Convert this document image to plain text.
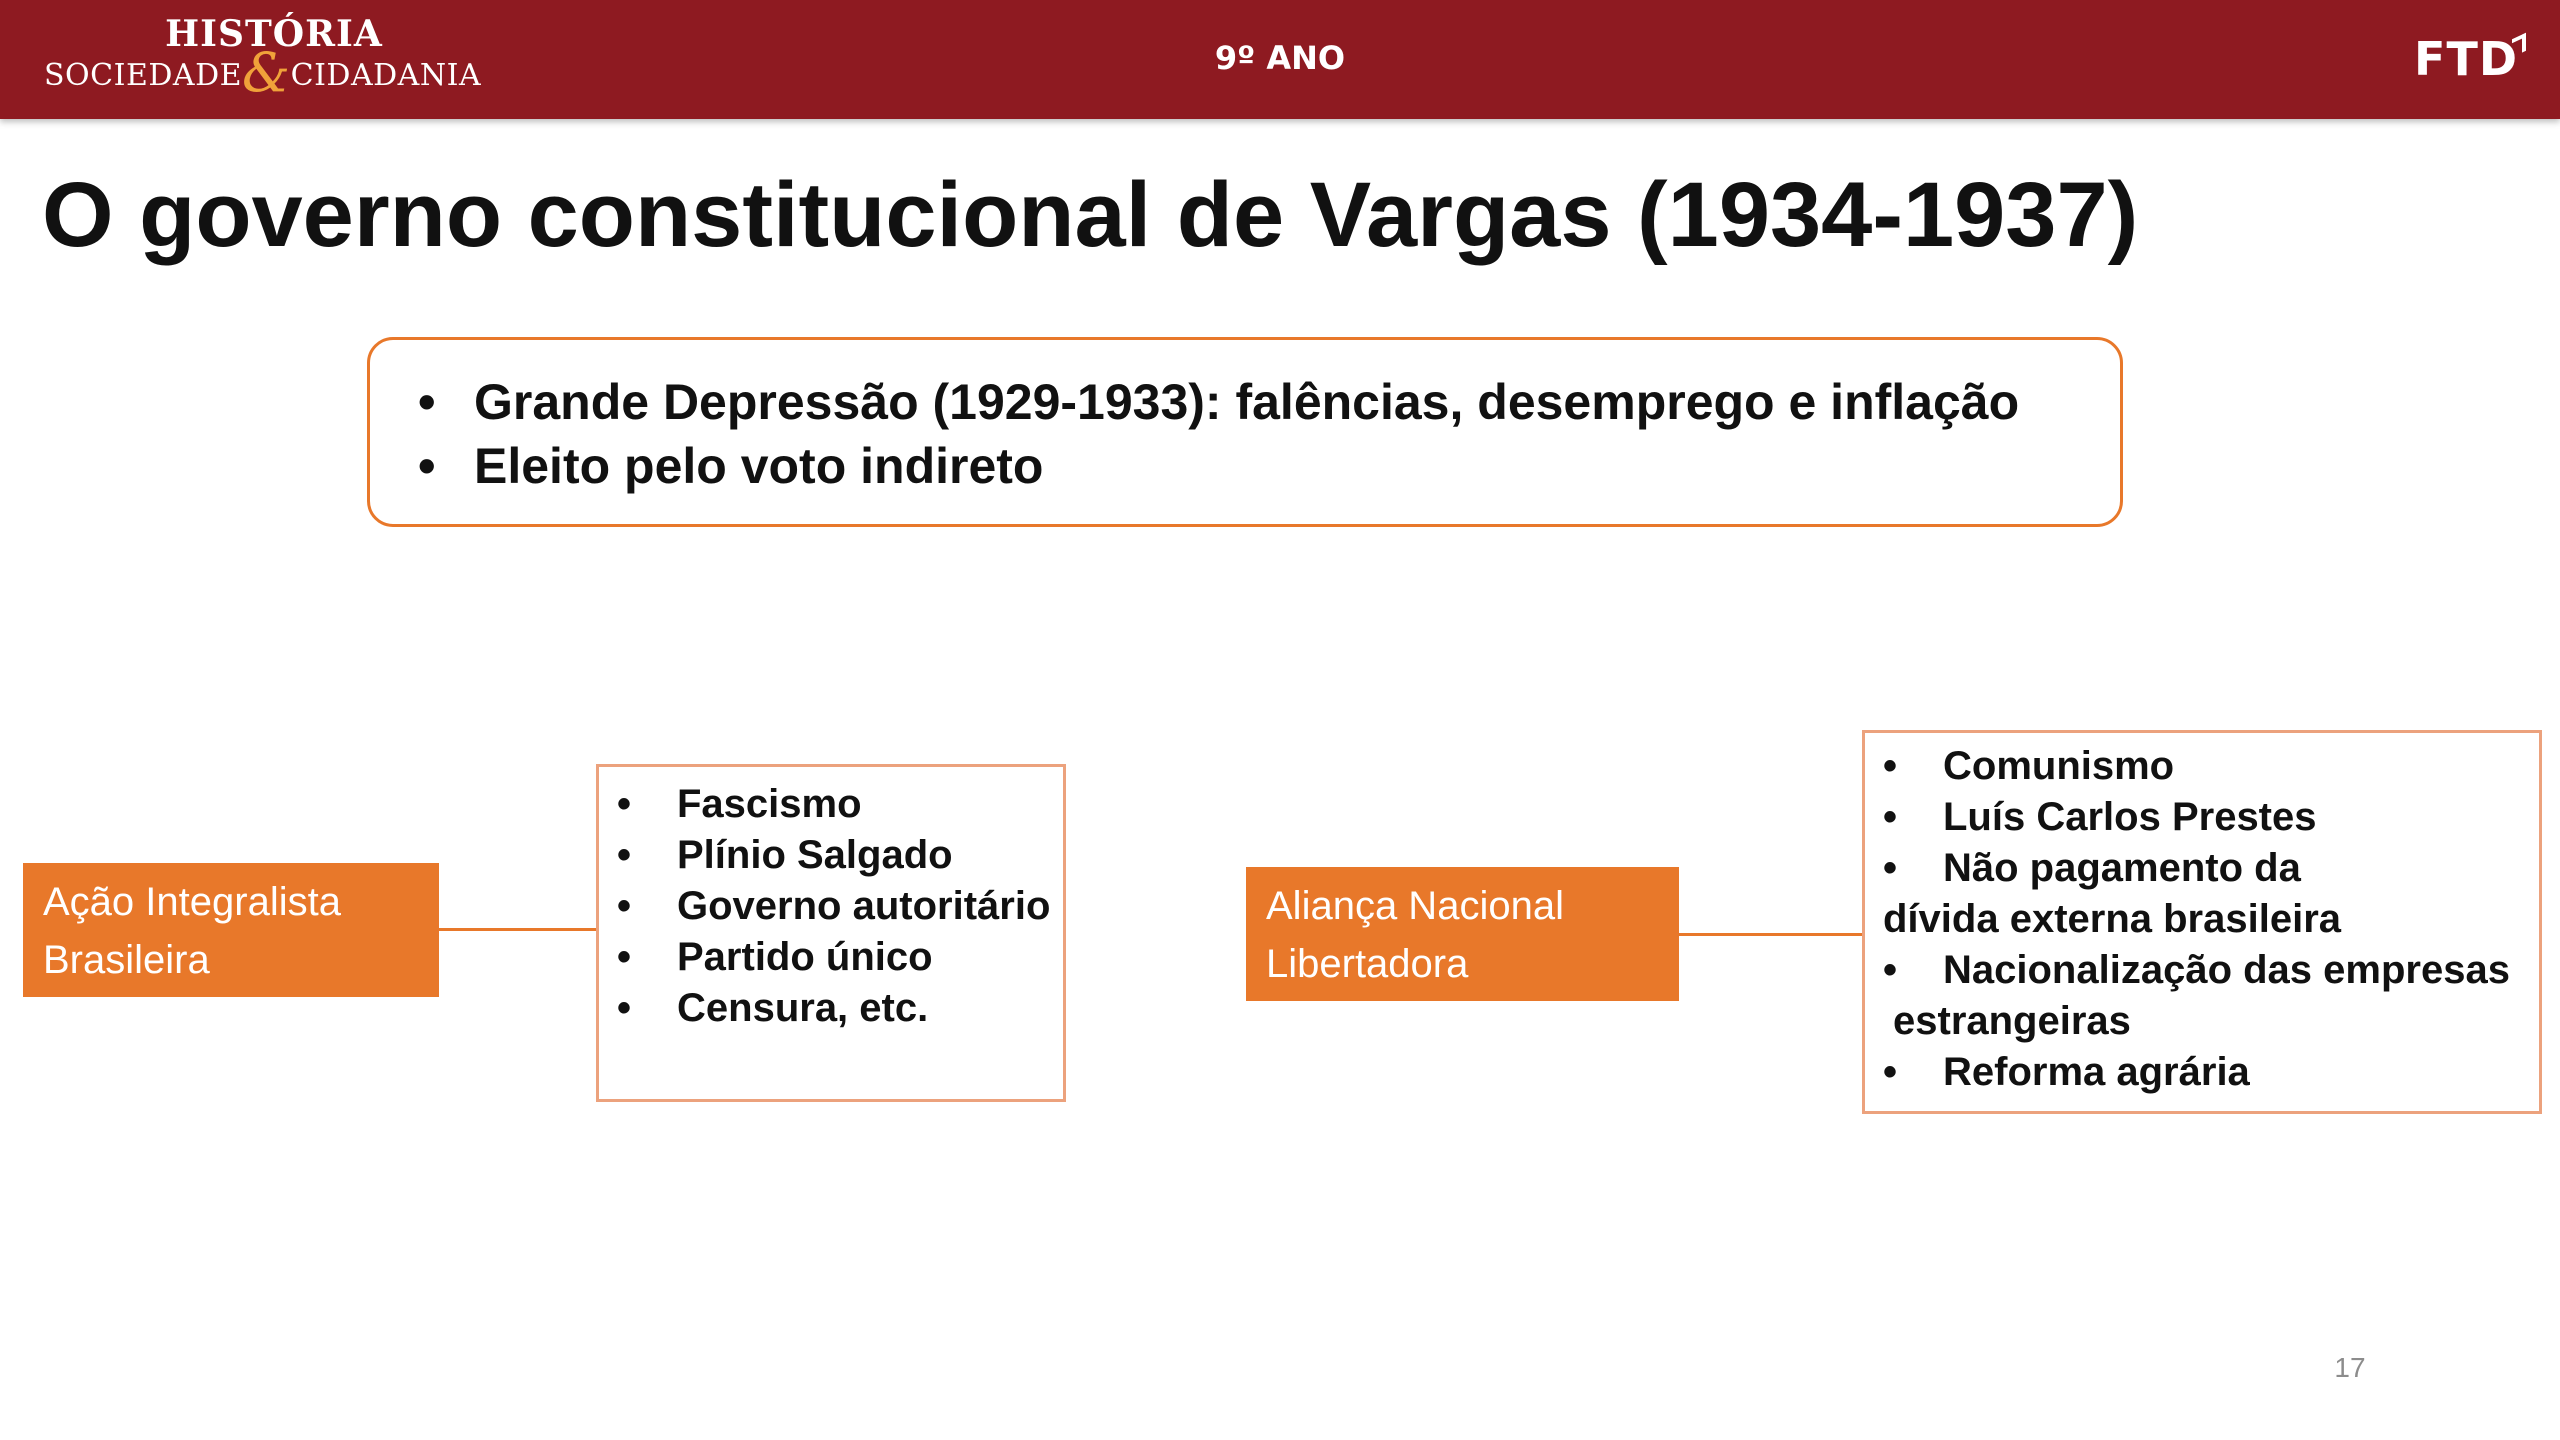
HISTÓRIA
SOCIEDADE&CIDADANIA	9º ANO	FTD
O governo constitucional de Vargas (1934-1937)
• Grande Depressão (1929-1933): falências, desemprego e inflação
• Eleito pelo voto indireto
Ação Integralista
Brasileira
• Fascismo
• Plínio Salgado
• Governo autoritário
• Partido único
• Censura, etc.
Aliança Nacional
Libertadora
• Comunismo
• Luís Carlos Prestes
• Não pagamento da
dívida externa brasileira
• Nacionalização das empresas
estrangeiras
• Reforma agrária
17
